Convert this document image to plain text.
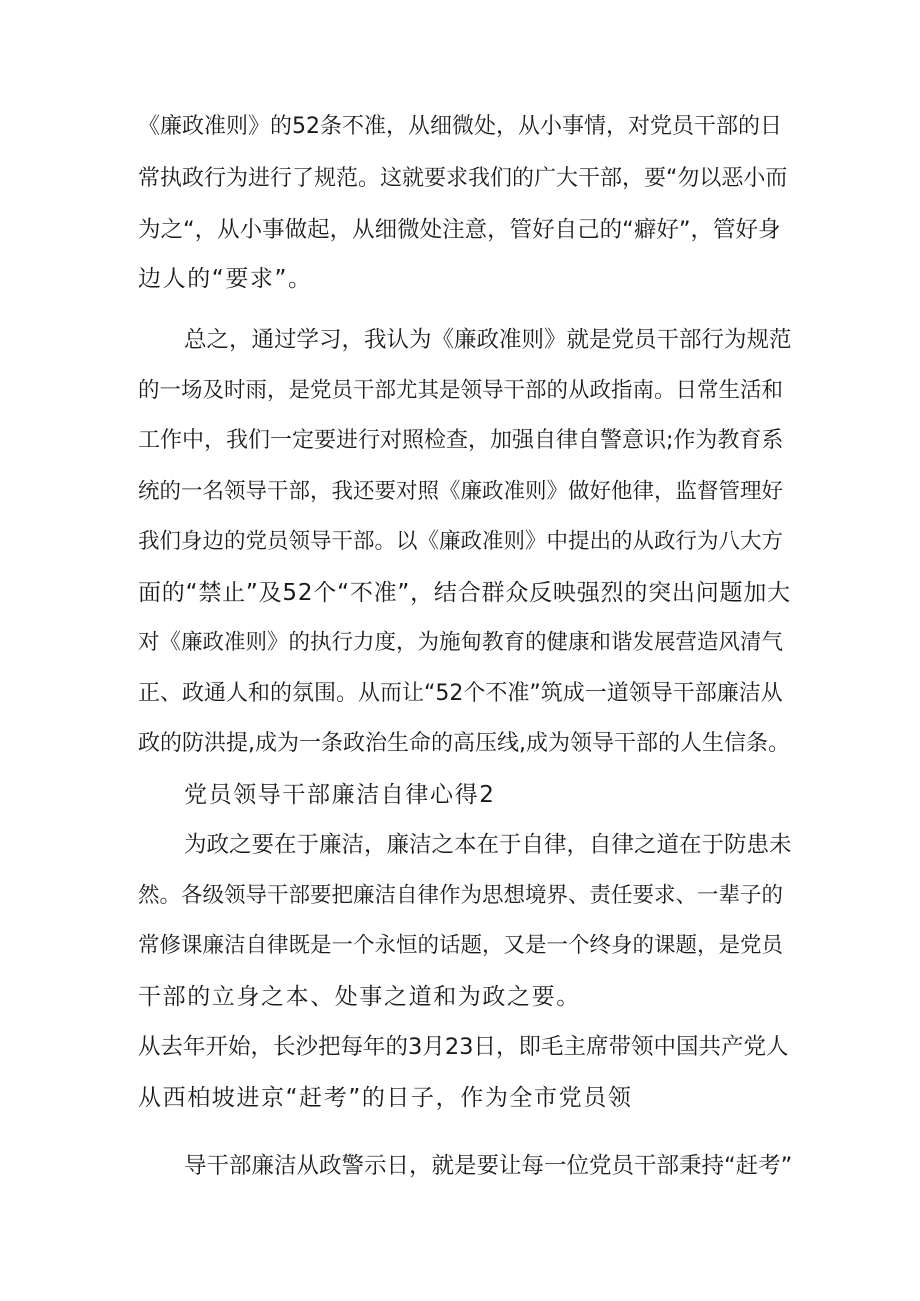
《廉政准则》的52条不准，从细微处，从小事情，对党员干部的日
常执政行为进行了规范。这就要求我们的广大干部，要“勿以恶小而
为之“，从小事做起，从细微处注意，管好自己的“癖好”，管好身
边人的“要求”。
总之，通过学习，我认为《廉政准则》就是党员干部行为规范
的一场及时雨，是党员干部尤其是领导干部的从政指南。日常生活和
工作中，我们一定要进行对照检查，加强自律自警意识;作为教育系
统的一名领导干部，我还要对照《廉政准则》做好他律，监督管理好
我们身边的党员领导干部。以《廉政准则》中提出的从政行为八大方
面的“禁止”及52个“不准”，结合群众反映强烈的突出问题加大
对《廉政准则》的执行力度，为施甸教育的健康和谐发展营造风清气
正、政通人和的氛围。从而让“52个不准”筑成一道领导干部廉洁从
政的防洪提,成为一条政治生命的高压线,成为领导干部的人生信条。
党员领导干部廉洁自律心得2
为政之要在于廉洁，廉洁之本在于自律，自律之道在于防患未
然。各级领导干部要把廉洁自律作为思想境界、责任要求、一辈子的
常修课廉洁自律既是一个永恒的话题，又是一个终身的课题，是党员
干部的立身之本、处事之道和为政之要。
从去年开始，长沙把每年的3月23日，即毛主席带领中国共产党人
从西柏坡进京“赶考”的日子，作为全市党员领
导干部廉洁从政警示日，就是要让每一位党员干部秉持“赶考”
